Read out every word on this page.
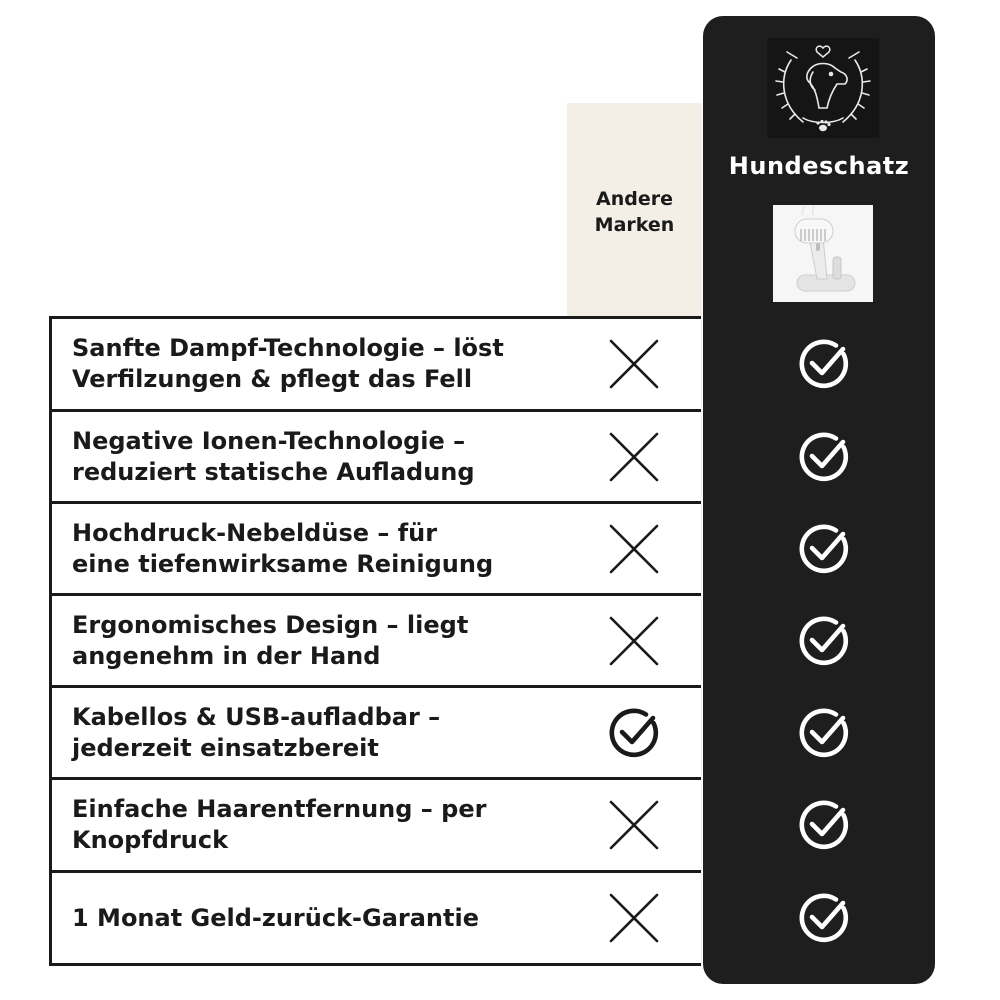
Hundeschatz
Andere
Marken
Sanfte Dampf-Technologie – löst
Verfilzungen & pflegt das Fell
Negative Ionen-Technologie –
reduziert statische Aufladung
Hochdruck-Nebeldüse – für
eine tiefenwirksame Reinigung
Ergonomisches Design – liegt
angenehm in der Hand
Kabellos & USB-aufladbar –
jederzeit einsatzbereit
Einfache Haarentfernung – per
Knopfdruck
1 Monat Geld-zurück-Garantie
